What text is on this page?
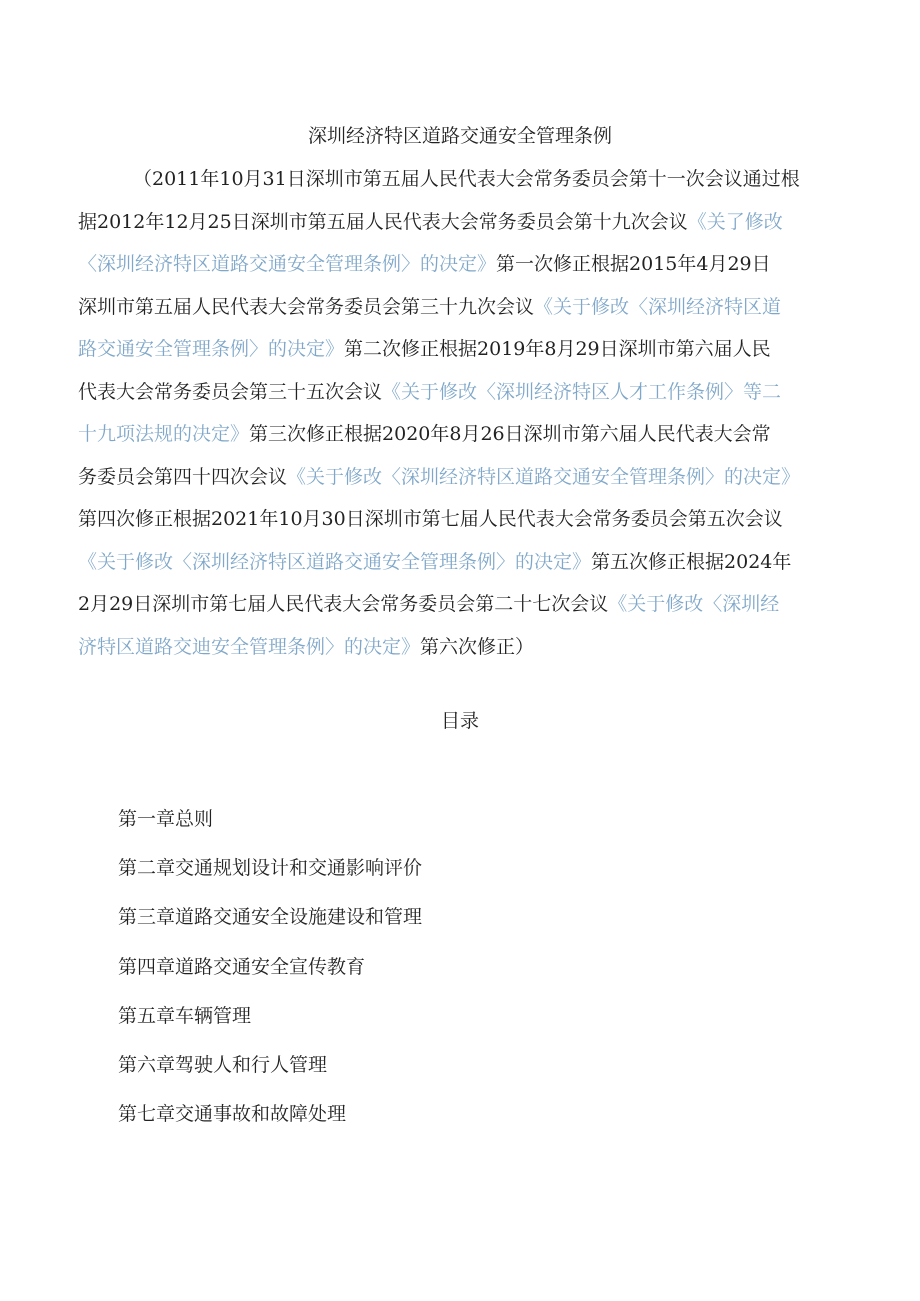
深圳经济特区道路交通安全管理条例
（2011年10月31日深圳市第五届人民代表大会常务委员会第十一次会议通过根
据2012年12月25日深圳市第五届人民代表大会常务委员会第十九次会议《关了修改
〈深圳经济特区道路交通安全管理条例〉的决定》第一次修正根据2015年4月29日
深圳市第五届人民代表大会常务委员会第三十九次会议《关于修改〈深圳经济特区道
路交通安全管理条例〉的决定》第二次修正根据2019年8月29日深圳市第六届人民
代表大会常务委员会第三十五次会议《关于修改〈深圳经济特区人才工作条例〉等二
十九项法规的决定》第三次修正根据2020年8月26日深圳市第六届人民代表大会常
务委员会第四十四次会议《关于修改〈深圳经济特区道路交通安全管理条例〉的决定》
第四次修正根据2021年10月30日深圳市第七届人民代表大会常务委员会第五次会议
《关于修改〈深圳经济特区道路交通安全管理条例〉的决定》第五次修正根据2024年
2月29日深圳市第七届人民代表大会常务委员会第二十七次会议《关于修改〈深圳经
济特区道路交迪安全管理条例〉的决定》第六次修正）
目录
第一章总则
第二章交通规划设计和交通影响评价
第三章道路交通安全设施建设和管理
第四章道路交通安全宣传教育
第五章车辆管理
第六章驾驶人和行人管理
第七章交通事故和故障处理
